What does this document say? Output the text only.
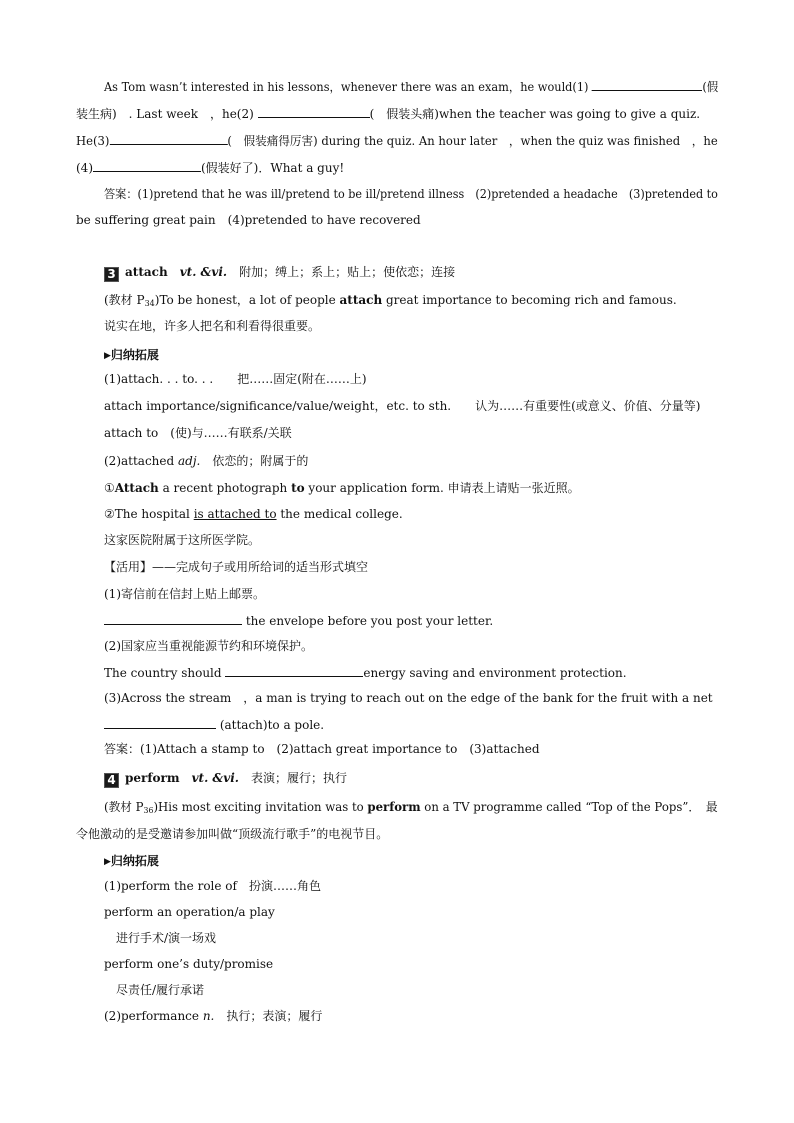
As Tom wasn’t interested in his lessons，whenever there was an exam，he would(1)	(假
装生病)　. Last week　，he(2)	(　假装头痛)when the teacher was going to give a quiz.
He(3)	(　假装痛得厉害) during the quiz. An hour later　，when the quiz was finished　，he
(4)	(假装好了)．What a guy!
答案：(1)pretend that he was ill/pretend to be ill/pretend illness　(2)pretended a headache　(3)pretended to
be suffering great pain　(4)pretended to have recovered
3 attach　 vt. &vi.　 附加；缚上；系上；贴上；使依恋；连接
(教材 $P_{34})To$ be honest，a lot of people attach great importance to becoming rich and famous.
说实在地，许多人把名和利看得很重要。
▶归纳拓展
(1)attach. . . to. . .　　把……固定(附在……上)
attach importance/significance/value/weight，etc. to sth.　　认为……有重要性(或意义、价值、分量等)
attach to　(使)与……有联系/关联
(2)attached adj.　依恋的；附属于的
①Attach a recent photograph to your application form. 申请表上请贴一张近照。
②The hospital is attached to the medical college.
这家医院附属于这所医学院。
【活用】——完成句子或用所给词的适当形式填空
(1)寄信前在信封上贴上邮票。
the envelope before you post your letter.
(2)国家应当重视能源节约和环境保护。
The country should	energy saving and environment protection.
(3)Across the stream　，a man is trying to reach out on the edge of the bank for the fruit with a net
(attach)to a pole.
答案：(1)Attach a stamp to　(2)attach great importance to　(3)attached
4 perform　 vt. &vi.　 表演；履行；执行
(教材 $P_{36})His$ most exciting invitation was to perform on a TV programme called “Top of the Pops”．　最
令他激动的是受邀请参加叫做“顶级流行歌手”的电视节目。
▶归纳拓展
(1)perform the role of　扮演……角色
perform an operation/a play
　进行手术/演一场戏
perform one’s duty/promise
　尽责任/履行承诺
(2)performance n.　执行；表演；履行
